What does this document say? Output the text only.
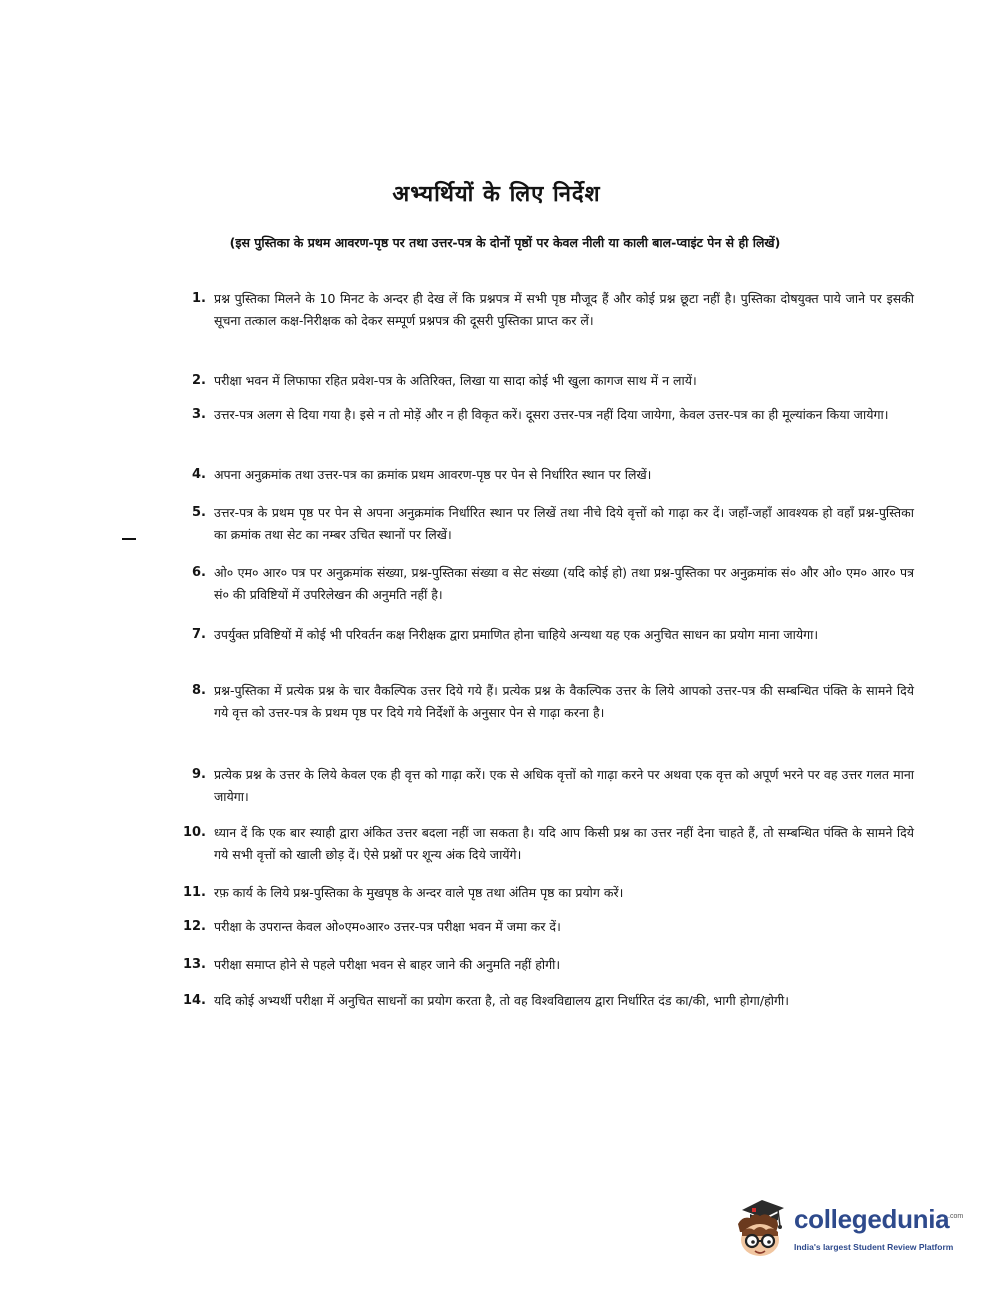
अभ्यर्थियों के लिए निर्देश
(इस पुस्तिका के प्रथम आवरण-पृष्ठ पर तथा उत्तर-पत्र के दोनों पृष्ठों पर केवल नीली या काली बाल-प्वाइंट पेन से ही लिखें)
1. प्रश्न पुस्तिका मिलने के 10 मिनट के अन्दर ही देख लें कि प्रश्नपत्र में सभी पृष्ठ मौजूद हैं और कोई प्रश्न छूटा नहीं है। पुस्तिका दोषयुक्त पाये जाने पर इसकी सूचना तत्काल कक्ष-निरीक्षक को देकर सम्पूर्ण प्रश्नपत्र की दूसरी पुस्तिका प्राप्त कर लें।
2. परीक्षा भवन में लिफाफा रहित प्रवेश-पत्र के अतिरिक्त, लिखा या सादा कोई भी खुला कागज साथ में न लायें।
3. उत्तर-पत्र अलग से दिया गया है। इसे न तो मोड़ें और न ही विकृत करें। दूसरा उत्तर-पत्र नहीं दिया जायेगा, केवल उत्तर-पत्र का ही मूल्यांकन किया जायेगा।
4. अपना अनुक्रमांक तथा उत्तर-पत्र का क्रमांक प्रथम आवरण-पृष्ठ पर पेन से निर्धारित स्थान पर लिखें।
5. उत्तर-पत्र के प्रथम पृष्ठ पर पेन से अपना अनुक्रमांक निर्धारित स्थान पर लिखें तथा नीचे दिये वृत्तों को गाढ़ा कर दें। जहाँ-जहाँ आवश्यक हो वहाँ प्रश्न-पुस्तिका का क्रमांक तथा सेट का नम्बर उचित स्थानों पर लिखें।
6. ओ० एम० आर० पत्र पर अनुक्रमांक संख्या, प्रश्न-पुस्तिका संख्या व सेट संख्या (यदि कोई हो) तथा प्रश्न-पुस्तिका पर अनुक्रमांक सं० और ओ० एम० आर० पत्र सं० की प्रविष्टियों में उपरिलेखन की अनुमति नहीं है।
7. उपर्युक्त प्रविष्टियों में कोई भी परिवर्तन कक्ष निरीक्षक द्वारा प्रमाणित होना चाहिये अन्यथा यह एक अनुचित साधन का प्रयोग माना जायेगा।
8. प्रश्न-पुस्तिका में प्रत्येक प्रश्न के चार वैकल्पिक उत्तर दिये गये हैं। प्रत्येक प्रश्न के वैकल्पिक उत्तर के लिये आपको उत्तर-पत्र की सम्बन्धित पंक्ति के सामने दिये गये वृत्त को उत्तर-पत्र के प्रथम पृष्ठ पर दिये गये निर्देशों के अनुसार पेन से गाढ़ा करना है।
9. प्रत्येक प्रश्न के उत्तर के लिये केवल एक ही वृत्त को गाढ़ा करें। एक से अधिक वृत्तों को गाढ़ा करने पर अथवा एक वृत्त को अपूर्ण भरने पर वह उत्तर गलत माना जायेगा।
10. ध्यान दें कि एक बार स्याही द्वारा अंकित उत्तर बदला नहीं जा सकता है। यदि आप किसी प्रश्न का उत्तर नहीं देना चाहते हैं, तो सम्बन्धित पंक्ति के सामने दिये गये सभी वृत्तों को खाली छोड़ दें। ऐसे प्रश्नों पर शून्य अंक दिये जायेंगे।
11. रफ़ कार्य के लिये प्रश्न-पुस्तिका के मुखपृष्ठ के अन्दर वाले पृष्ठ तथा अंतिम पृष्ठ का प्रयोग करें।
12. परीक्षा के उपरान्त केवल ओ०एम०आर० उत्तर-पत्र परीक्षा भवन में जमा कर दें।
13. परीक्षा समाप्त होने से पहले परीक्षा भवन से बाहर जाने की अनुमति नहीं होगी।
14. यदि कोई अभ्यर्थी परीक्षा में अनुचित साधनों का प्रयोग करता है, तो वह विश्वविद्यालय द्वारा निर्धारित दंड का/की, भागी होगा/होगी।
collegedunia
.com
India's largest Student Review Platform
